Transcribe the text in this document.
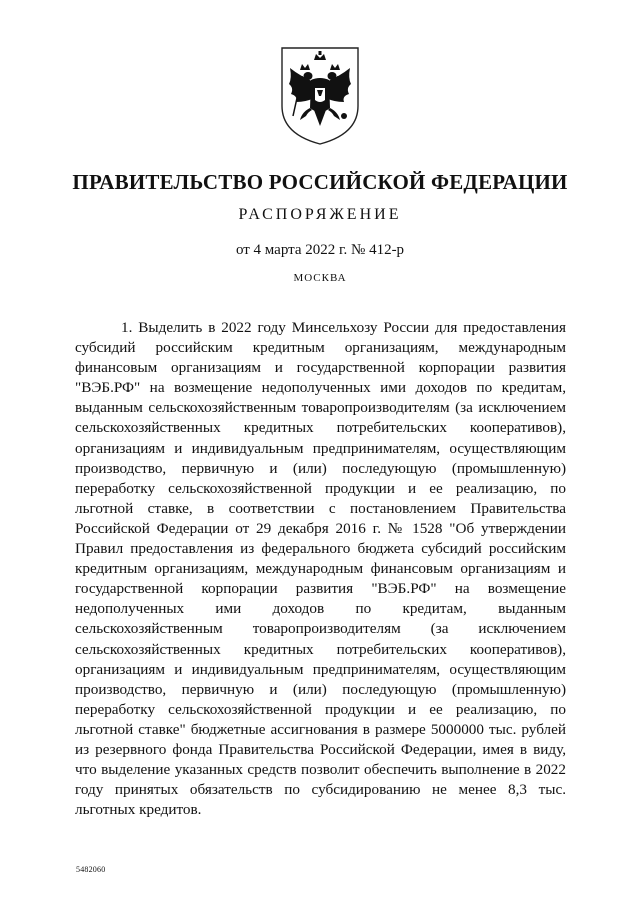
ПРАВИТЕЛЬСТВО РОССИЙСКОЙ ФЕДЕРАЦИИ
РАСПОРЯЖЕНИЕ
от 4 марта 2022 г. № 412-р
МОСКВА

1. Выделить в 2022 году Минсельхозу России для предоставления субсидий российским кредитным организациям, международным финансовым организациям и государственной корпорации развития "ВЭБ.РФ" на возмещение недополученных ими доходов по кредитам, выданным сельскохозяйственным товаропроизводителям (за исключением сельскохозяйственных кредитных потребительских кооперативов), организациям и индивидуальным предпринимателям, осуществляющим производство, первичную и (или) последующую (промышленную) переработку сельскохозяйственной продукции и ее реализацию, по льготной ставке, в соответствии с постановлением Правительства Российской Федерации от 29 декабря 2016 г. № 1528 "Об утверждении Правил предоставления из федерального бюджета субсидий российским кредитным организациям, международным финансовым организациям и государственной корпорации развития "ВЭБ.РФ" на возмещение недополученных ими доходов по кредитам, выданным сельскохозяйственным товаропроизводителям (за исключением сельскохозяйственных кредитных потребительских кооперативов), организациям и индивидуальным предпринимателям, осуществляющим производство, первичную и (или) последующую (промышленную) переработку сельскохозяйственной продукции и ее реализацию, по льготной ставке" бюджетные ассигнования в размере 5000000 тыс. рублей из резервного фонда Правительства Российской Федерации, имея в виду, что выделение указанных средств позволит обеспечить выполнение в 2022 году принятых обязательств по субсидированию не менее 8,3 тыс. льготных кредитов.

5482060
